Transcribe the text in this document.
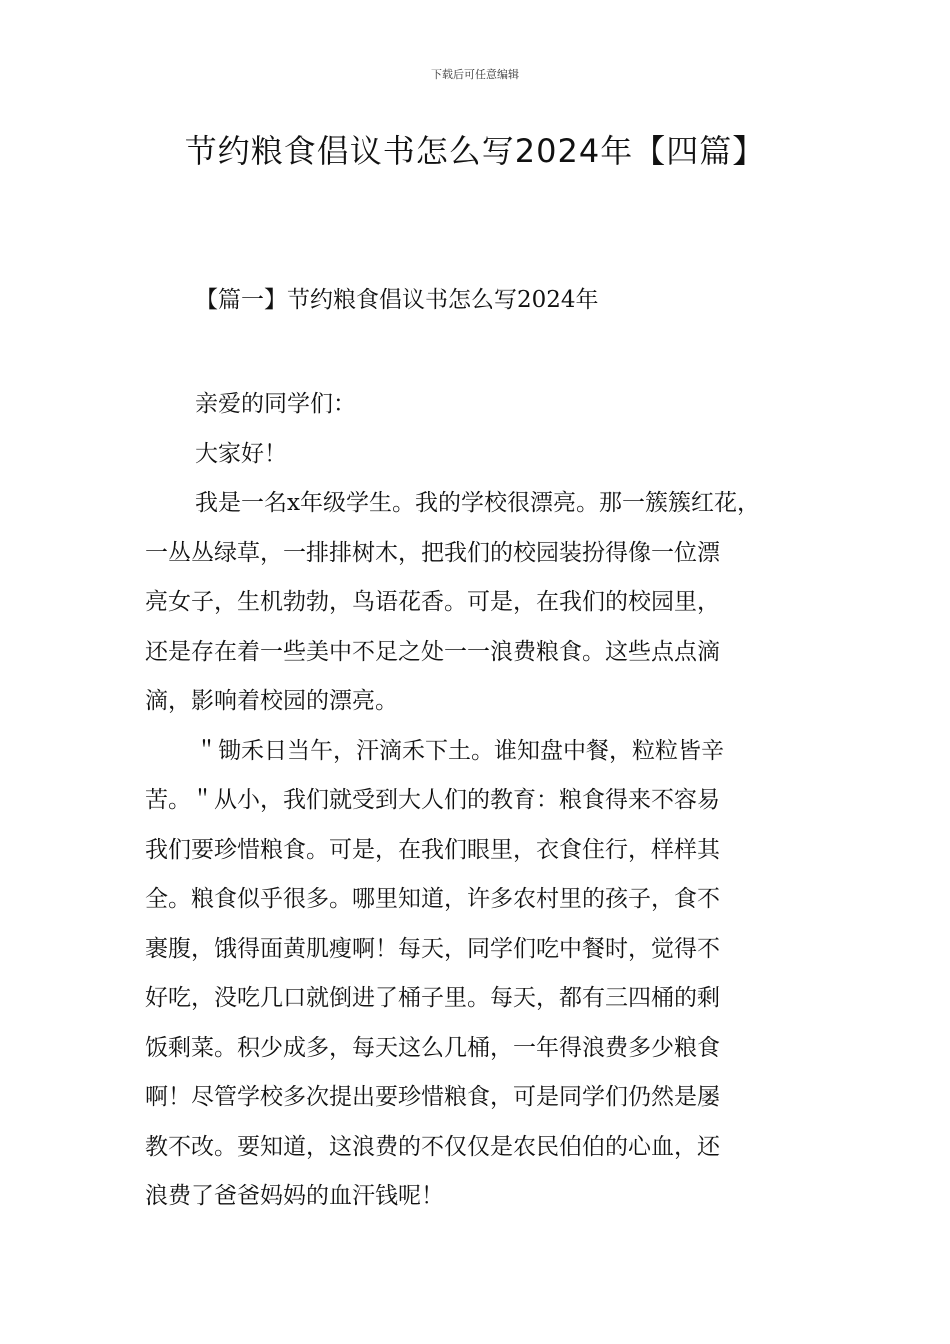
下载后可任意编辑
节约粮食倡议书怎么写2024年【四篇】
【篇一】节约粮食倡议书怎么写2024年

亲爱的同学们：

大家好！

我是一名x年级学生。我的学校很漂亮。那一簇簇红花，
一丛丛绿草，一排排树木，把我们的校园装扮得像一位漂
亮女子，生机勃勃，鸟语花香。可是，在我们的校园里，
还是存在着一些美中不足之处一一浪费粮食。这些点点滴
滴，影响着校园的漂亮。

＂锄禾日当午，汗滴禾下土。谁知盘中餐，粒粒皆辛
苦。＂从小，我们就受到大人们的教育：粮食得来不容易
我们要珍惜粮食。可是，在我们眼里，衣食住行，样样其
全。粮食似乎很多。哪里知道，许多农村里的孩子，食不
裹腹，饿得面黄肌瘦啊！每天，同学们吃中餐时，觉得不
好吃，没吃几口就倒进了桶子里。每天，都有三四桶的剩
饭剩菜。积少成多，每天这么几桶，一年得浪费多少粮食
啊！尽管学校多次提出要珍惜粮食，可是同学们仍然是屡
教不改。要知道，这浪费的不仅仅是农民伯伯的心血，还
浪费了爸爸妈妈的血汗钱呢！
